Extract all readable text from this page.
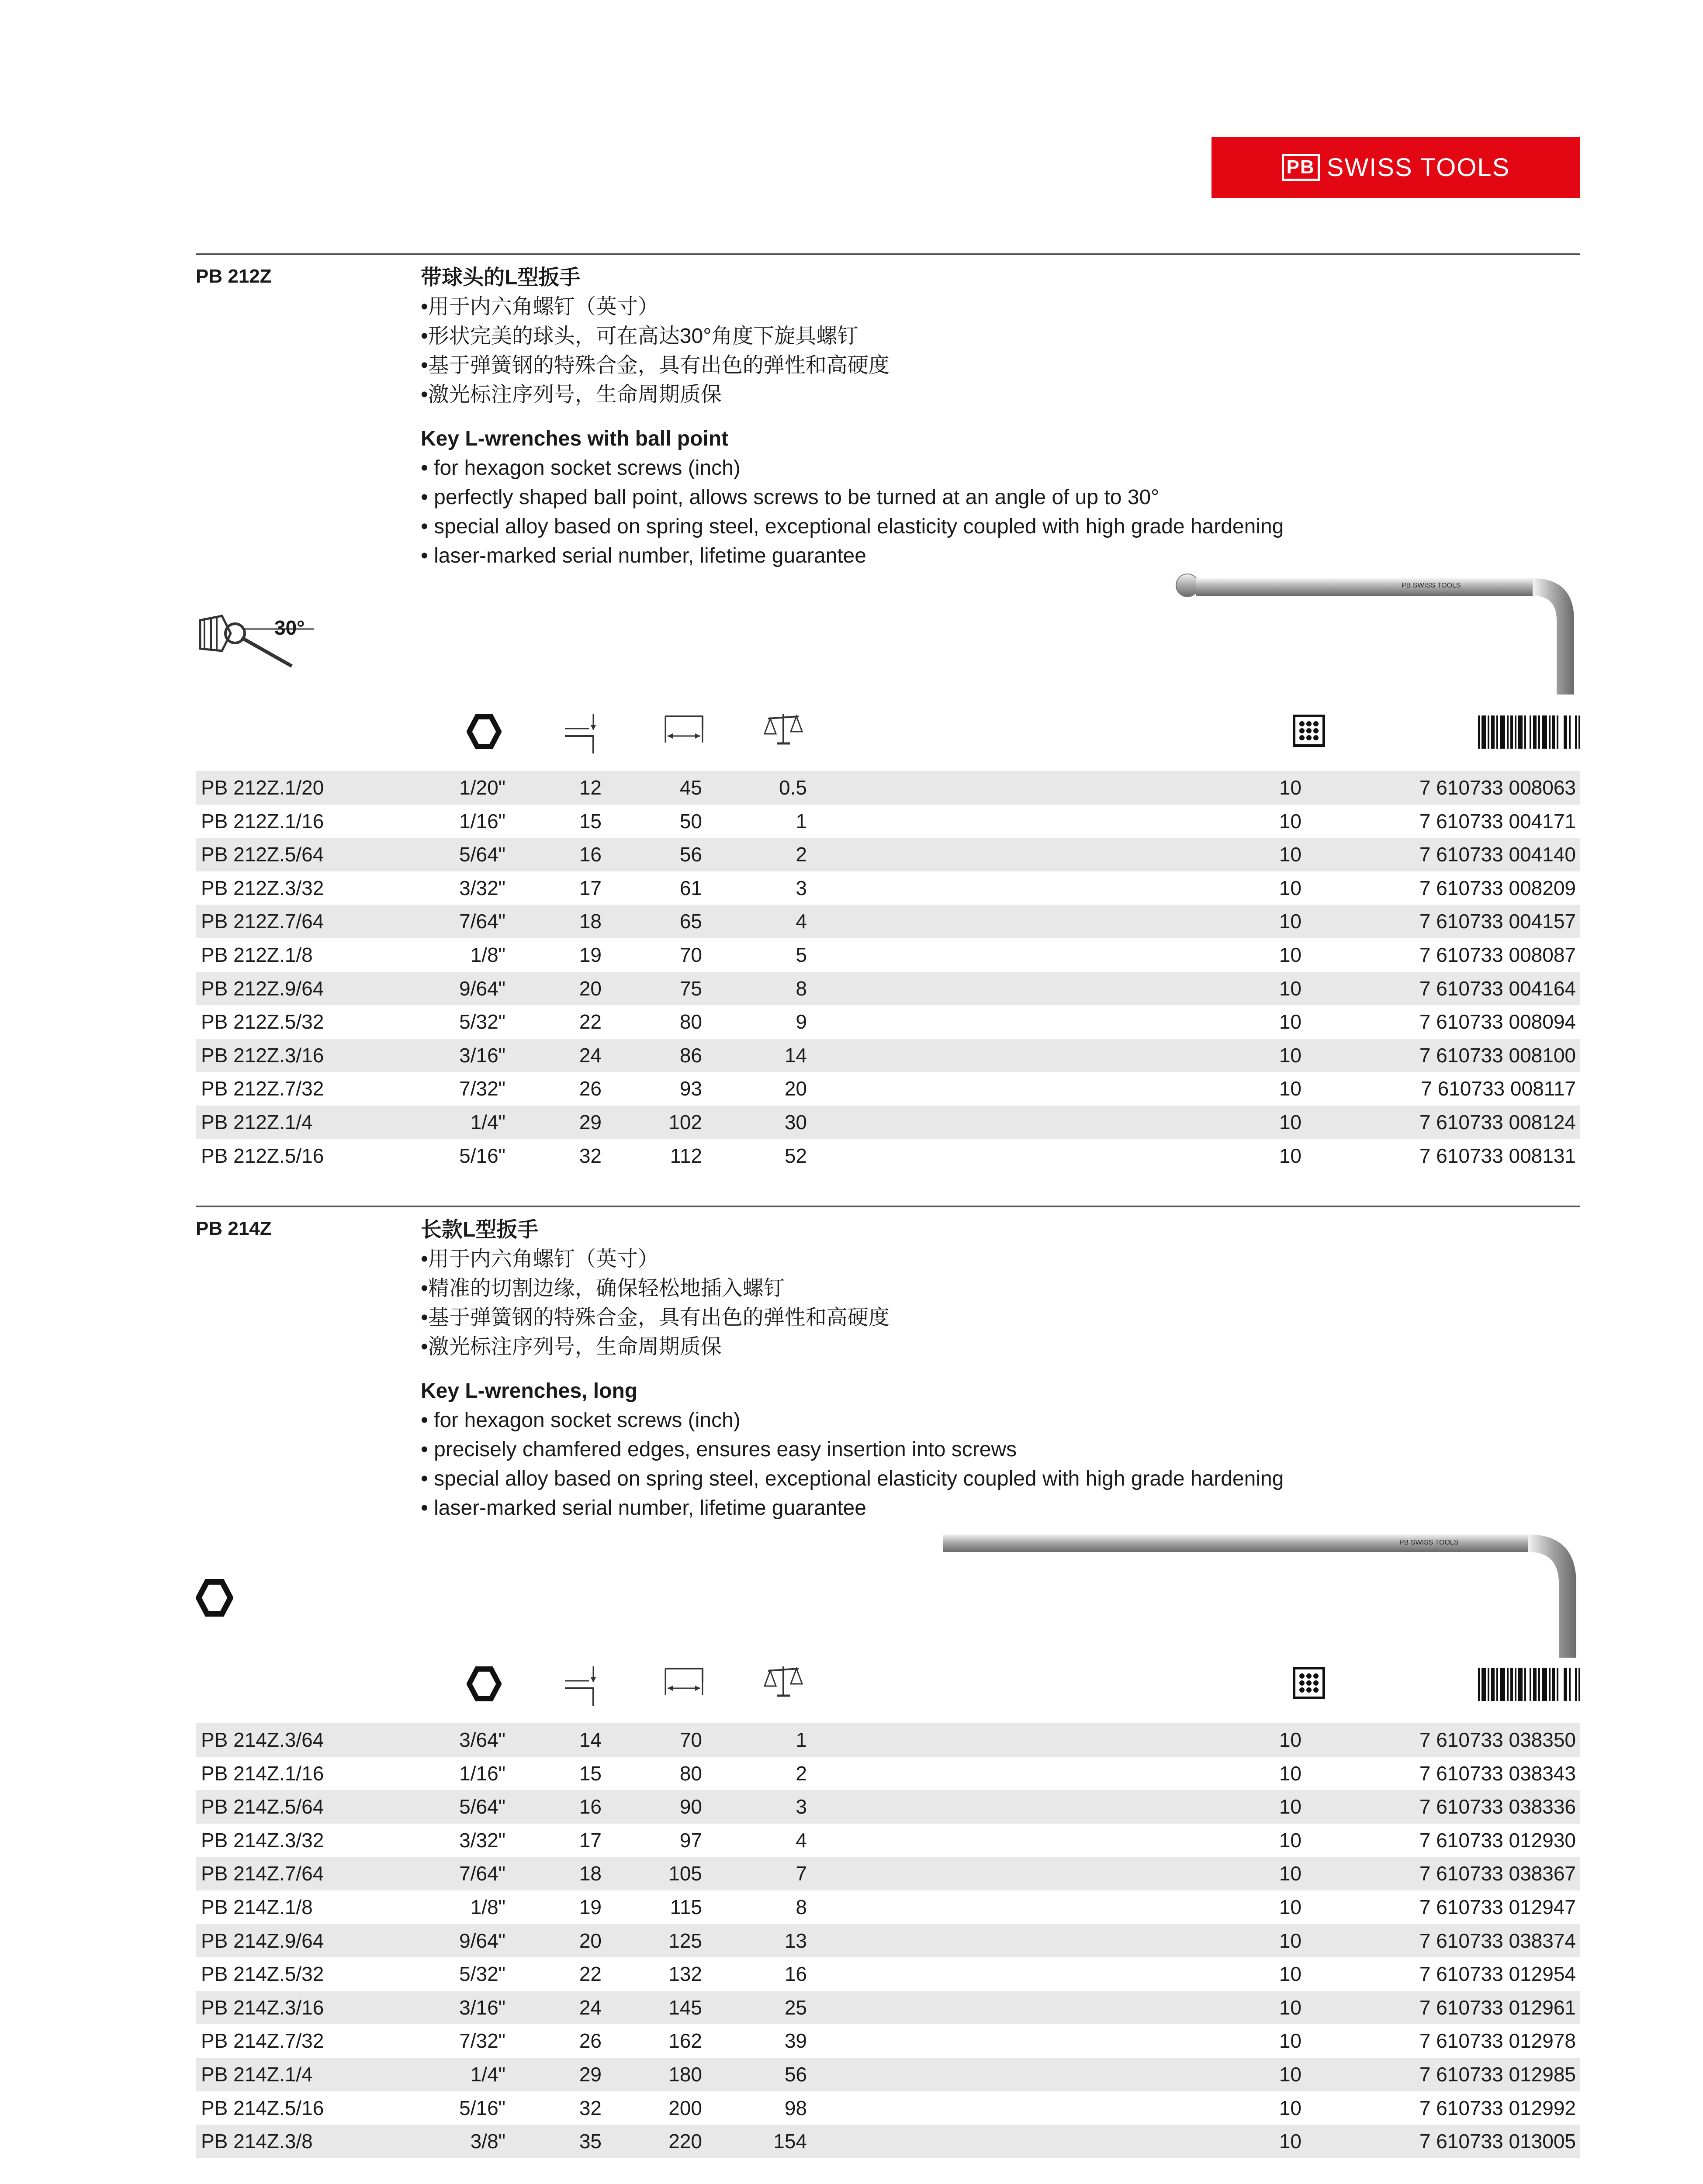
PB SWISS TOOLS
PB 212Z	带球头的L型扳手
•用于内六角螺钉（英寸）
•形状完美的球头，可在高达30°角度下旋具螺钉
•基于弹簧钢的特殊合金，具有出色的弹性和高硬度
•激光标注序列号，生命周期质保
Key L-wrenches with ball point
• for hexagon socket screws (inch)
• perfectly shaped ball point, allows screws to be turned at an angle of up to 30°
• special alloy based on spring steel, exceptional elasticity coupled with high grade hardening
• laser-marked serial number, lifetime guarantee
30°
PB SWISS TOOLS
PB 212Z.1/20	1/20"	12	45	0.5	10	7 610733 008063
PB 212Z.1/16	1/16"	15	50	1	10	7 610733 004171
PB 212Z.5/64	5/64"	16	56	2	10	7 610733 004140
PB 212Z.3/32	3/32"	17	61	3	10	7 610733 008209
PB 212Z.7/64	7/64"	18	65	4	10	7 610733 004157
PB 212Z.1/8	1/8"	19	70	5	10	7 610733 008087
PB 212Z.9/64	9/64"	20	75	8	10	7 610733 004164
PB 212Z.5/32	5/32"	22	80	9	10	7 610733 008094
PB 212Z.3/16	3/16"	24	86	14	10	7 610733 008100
PB 212Z.7/32	7/32"	26	93	20	10	7 610733 008117
PB 212Z.1/4	1/4"	29	102	30	10	7 610733 008124
PB 212Z.5/16	5/16"	32	112	52	10	7 610733 008131
PB 214Z	长款L型扳手
•用于内六角螺钉（英寸）
•精准的切割边缘，确保轻松地插入螺钉
•基于弹簧钢的特殊合金，具有出色的弹性和高硬度
•激光标注序列号，生命周期质保
Key L-wrenches, long
• for hexagon socket screws (inch)
• precisely chamfered edges, ensures easy insertion into screws
• special alloy based on spring steel, exceptional elasticity coupled with high grade hardening
• laser-marked serial number, lifetime guarantee
PB SWISS TOOLS
PB 214Z.3/64	3/64"	14	70	1	10	7 610733 038350
PB 214Z.1/16	1/16"	15	80	2	10	7 610733 038343
PB 214Z.5/64	5/64"	16	90	3	10	7 610733 038336
PB 214Z.3/32	3/32"	17	97	4	10	7 610733 012930
PB 214Z.7/64	7/64"	18	105	7	10	7 610733 038367
PB 214Z.1/8	1/8"	19	115	8	10	7 610733 012947
PB 214Z.9/64	9/64"	20	125	13	10	7 610733 038374
PB 214Z.5/32	5/32"	22	132	16	10	7 610733 012954
PB 214Z.3/16	3/16"	24	145	25	10	7 610733 012961
PB 214Z.7/32	7/32"	26	162	39	10	7 610733 012978
PB 214Z.1/4	1/4"	29	180	56	10	7 610733 012985
PB 214Z.5/16	5/16"	32	200	98	10	7 610733 012992
PB 214Z.3/8	3/8"	35	220	154	10	7 610733 013005
